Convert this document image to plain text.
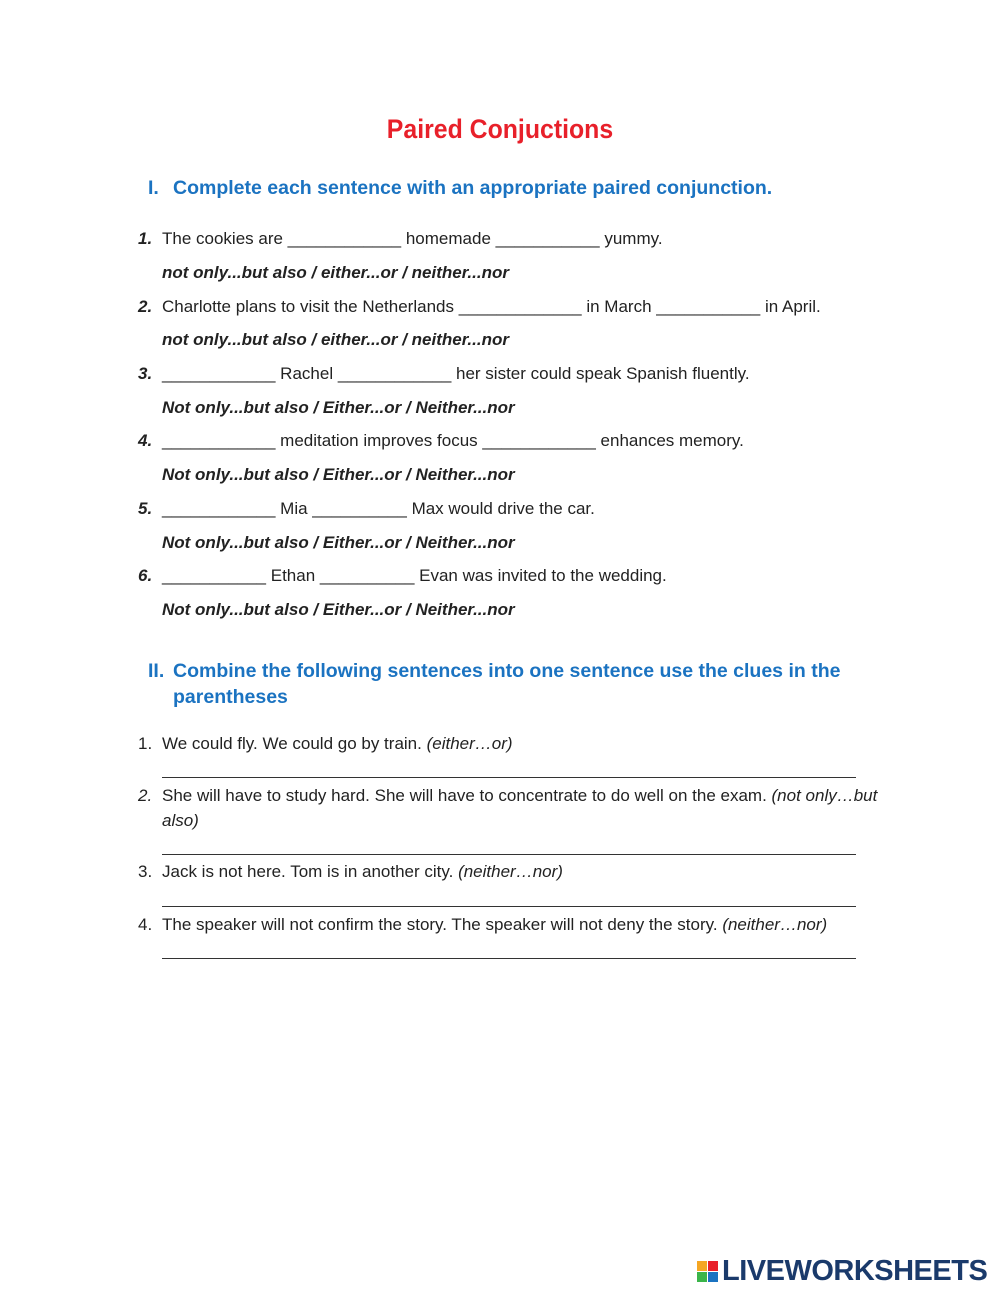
Paired Conjuctions
I. Complete each sentence with an appropriate paired conjunction.
1. The cookies are ____________ homemade ___________ yummy.
not only...but also / either...or / neither...nor
2. Charlotte plans to visit the Netherlands _____________ in March ___________ in April.
not only...but also / either...or / neither...nor
3. ____________ Rachel ____________ her sister could speak Spanish fluently.
Not only...but also / Either...or / Neither...nor
4. ____________ meditation improves focus ____________ enhances memory.
Not only...but also / Either...or / Neither...nor
5. ____________ Mia __________ Max would drive the car.
Not only...but also / Either...or / Neither...nor
6. ___________ Ethan __________ Evan was invited to the wedding.
Not only...but also / Either...or / Neither...nor
II. Combine the following sentences into one sentence use the clues in the
parentheses
1. We could fly. We could go by train. (either…or)
2. She will have to study hard. She will have to concentrate to do well on the exam. (not only…but
also)
3. Jack is not here. Tom is in another city. (neither…nor)
4. The speaker will not confirm the story. The speaker will not deny the story. (neither…nor)
LIVEWORKSHEETS
